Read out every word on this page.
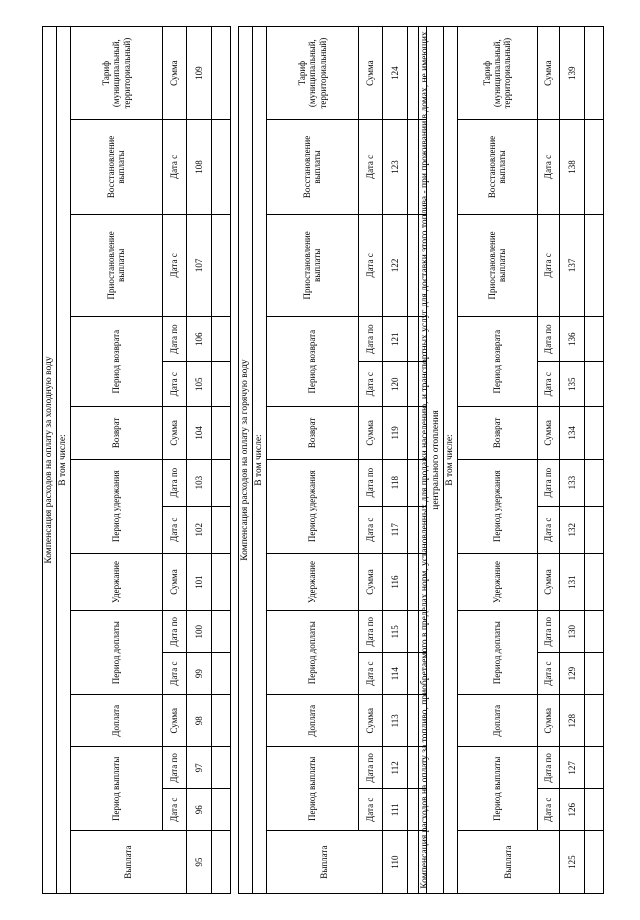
Компенсация расходов на оплату за холодную воду														
В том числе:														
Выплата	Период выплаты		Доплата	Период доплаты		Удержание	Период удержания		Возврат	Период возврата		Приостановление выплаты	Восстановление выплаты	Тариф (муниципальный, территориальный)
	Дата с	Дата по	Сумма	Дата с	Дата по	Сумма	Дата с	Дата по	Сумма	Дата с	Дата по	Дата с	Дата с	Сумма
95	96	97	98	99	100	101	102	103	104	105	106	107	108	109

Компенсация расходов на оплату за горячую воду														
В том числе:														
Выплата	Период выплаты		Доплата	Период доплаты		Удержание	Период удержания		Возврат	Период возврата		Приостановление выплаты	Восстановление выплаты	Тариф (муниципальный, территориальный)
	Дата с	Дата по	Сумма	Дата с	Дата по	Сумма	Дата с	Дата по	Сумма	Дата с	Дата по	Дата с	Дата с	Сумма
110	111	112	113	114	115	116	117	118	119	120	121	122	123	124
														Компенсация расходов на оплату за топливо, приобретаемого в пределах норм, установленных для продажи населению, и транспортных услуг для доставки этого топлива - при проживании в домах, не имеющих центрального отопления														
В том числе:														
Выплата	Период выплаты		Доплата	Период доплаты		Удержание	Период удержания		Возврат	Период возврата		Приостановление выплаты	Восстановление выплаты	Тариф (муниципальный, территориальный)
	Дата с	Дата по	Сумма	Дата с	Дата по	Сумма	Дата с	Дата по	Сумма	Дата с	Дата по	Дата с	Дата с	Сумма
125	126	127	128	129	130	131	132	133	134	135	136	137	138	139
